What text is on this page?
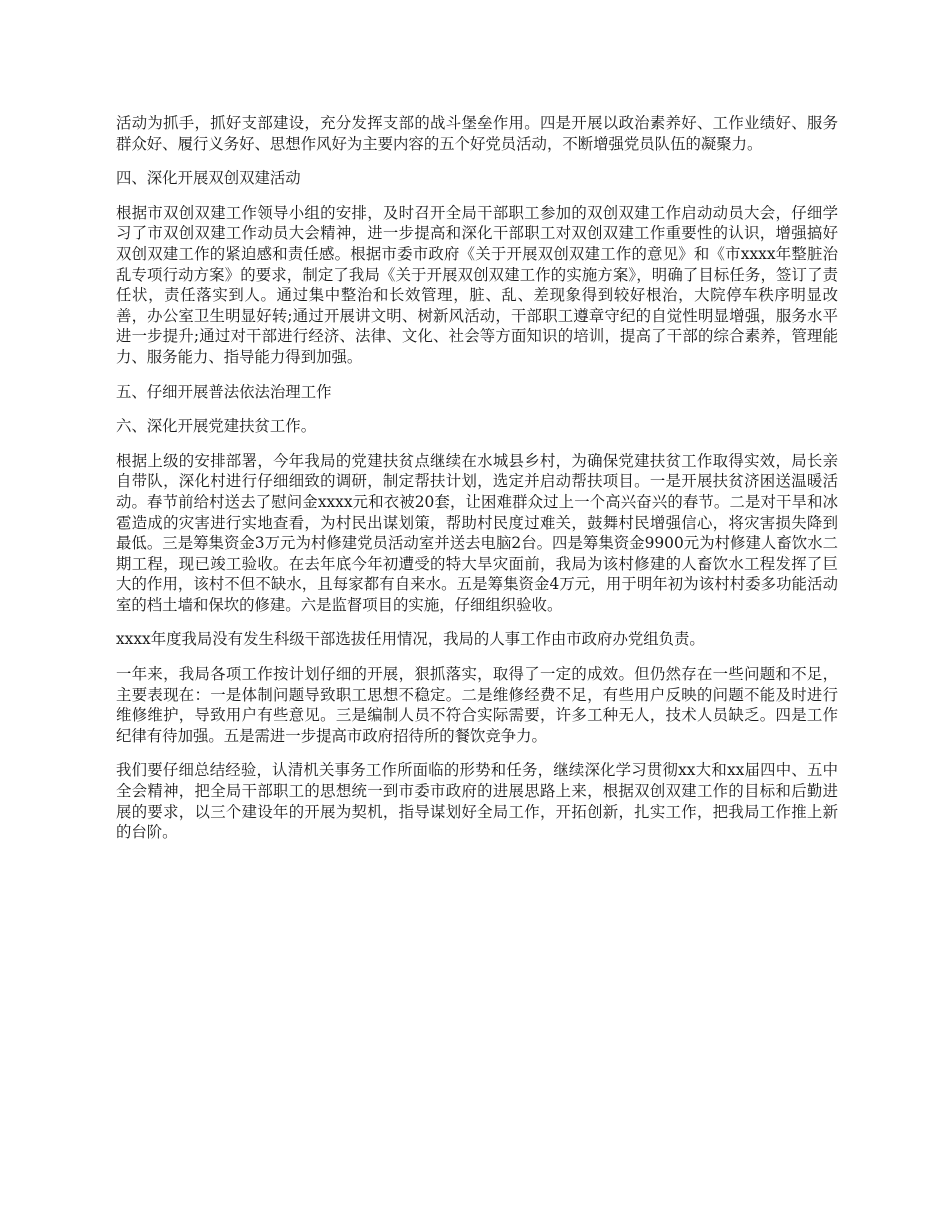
活动为抓手，抓好支部建设，充分发挥支部的战斗堡垒作用。四是开展以政治素养好、工作业绩好、服务群众好、履行义务好、思想作风好为主要内容的五个好党员活动，不断增强党员队伍的凝聚力。

四、深化开展双创双建活动

根据市双创双建工作领导小组的安排，及时召开全局干部职工参加的双创双建工作启动动员大会，仔细学习了市双创双建工作动员大会精神，进一步提高和深化干部职工对双创双建工作重要性的认识，增强搞好双创双建工作的紧迫感和责任感。根据市委市政府《关于开展双创双建工作的意见》和《市xxxx年整脏治乱专项行动方案》的要求，制定了我局《关于开展双创双建工作的实施方案》，明确了目标任务，签订了责任状，责任落实到人。通过集中整治和长效管理，脏、乱、差现象得到较好根治，大院停车秩序明显改善，办公室卫生明显好转;通过开展讲文明、树新风活动，干部职工遵章守纪的自觉性明显增强，服务水平进一步提升;通过对干部进行经济、法律、文化、社会等方面知识的培训，提高了干部的综合素养，管理能力、服务能力、指导能力得到加强。

五、仔细开展普法依法治理工作

六、深化开展党建扶贫工作。

根据上级的安排部署，今年我局的党建扶贫点继续在水城县乡村，为确保党建扶贫工作取得实效，局长亲自带队，深化村进行仔细细致的调研，制定帮扶计划，选定并启动帮扶项目。一是开展扶贫济困送温暖活动。春节前给村送去了慰问金xxxx元和衣被20套，让困难群众过上一个高兴奋兴的春节。二是对干旱和冰雹造成的灾害进行实地查看，为村民出谋划策，帮助村民度过难关，鼓舞村民增强信心，将灾害损失降到最低。三是筹集资金3万元为村修建党员活动室并送去电脑2台。四是筹集资金9900元为村修建人畜饮水二期工程，现已竣工验收。在去年底今年初遭受的特大旱灾面前，我局为该村修建的人畜饮水工程发挥了巨大的作用，该村不但不缺水，且每家都有自来水。五是筹集资金4万元，用于明年初为该村村委多功能活动室的档土墙和保坎的修建。六是监督项目的实施，仔细组织验收。

xxxx年度我局没有发生科级干部选拔任用情况，我局的人事工作由市政府办党组负责。

一年来，我局各项工作按计划仔细的开展，狠抓落实，取得了一定的成效。但仍然存在一些问题和不足，主要表现在：一是体制问题导致职工思想不稳定。二是维修经费不足，有些用户反映的问题不能及时进行维修维护，导致用户有些意见。三是编制人员不符合实际需要，许多工种无人，技术人员缺乏。四是工作纪律有待加强。五是需进一步提高市政府招待所的餐饮竞争力。

我们要仔细总结经验，认清机关事务工作所面临的形势和任务，继续深化学习贯彻xx大和xx届四中、五中全会精神，把全局干部职工的思想统一到市委市政府的进展思路上来，根据双创双建工作的目标和后勤进展的要求，以三个建设年的开展为契机，指导谋划好全局工作，开拓创新，扎实工作，把我局工作推上新的台阶。
